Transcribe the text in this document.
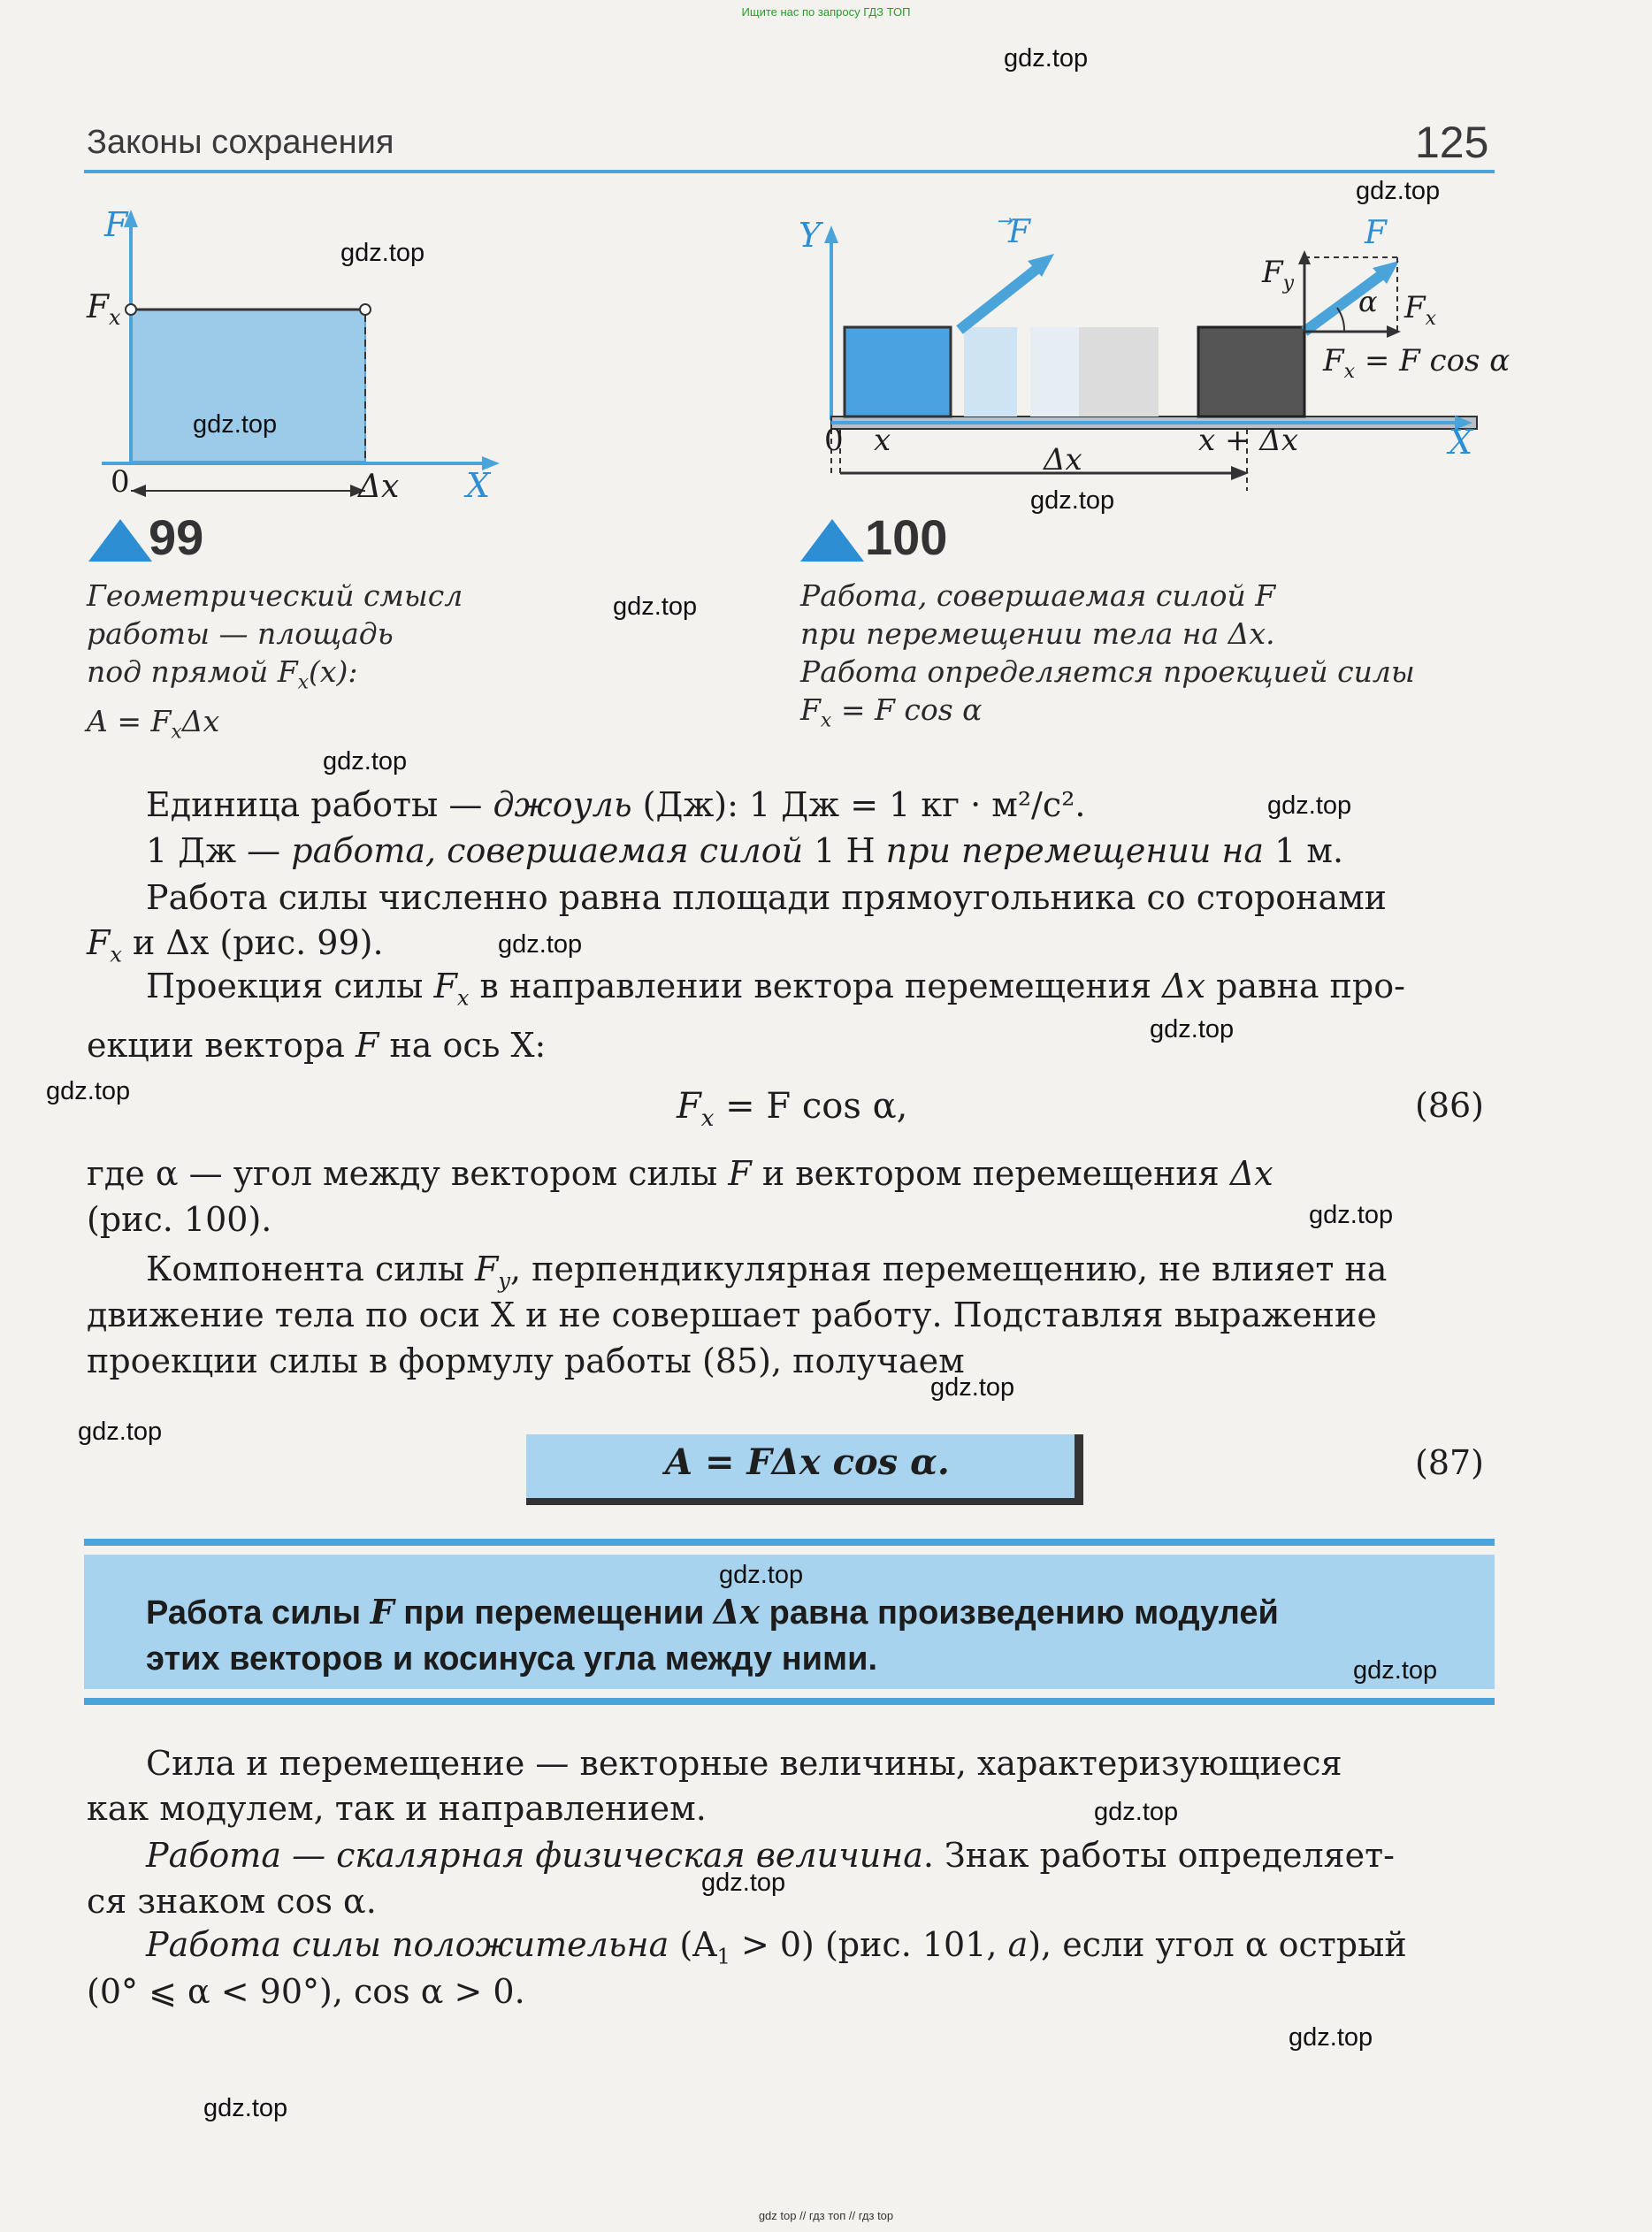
Ищите нас по запросу ГДЗ ТОП
Законы сохранения	125
F
$F_x$
0	Δx X
99
Геометрический смысл
работы — площадь
под прямой $F_x(x)$:
$A = F_x\Delta x$
Y	F	F
$F_y$
α $F_x$
$F_x = F$ cos α
0 x
Δx
x + Δx	X
100
Работа, совершаемая силой F
при перемещении тела на Δx.
Работа определяется проекцией силы
$F_x = F$ cos α
Единица работы — джоуль (Дж): 1 Дж = 1 кг · м²/с².
1 Дж — работа, совершаемая силой 1 Н при перемещении на 1 м.
Работа силы численно равна площади прямоугольника со сторонами
$F_x$ и Δx (рис. 99).
Проекция силы $F_x$ в направлении вектора перемещения Δx равна про-
екции вектора F на ось X:
$F_x = F$ cos α,	(86)
где α — угол между вектором силы F и вектором перемещения Δx
(рис. 100).
Компонента силы $F_y$, перпендикулярная перемещению, не влияет на
движение тела по оси X и не совершает работу. Подставляя выражение
проекции силы в формулу работы (85), получаем
A = FΔx cos α.	(87)
Работа силы F при перемещении Δx равна произведению модулей
этих векторов и косинуса угла между ними.
Сила и перемещение — векторные величины, характеризующиеся
как модулем, так и направлением.
Работа — скалярная физическая величина. Знак работы определяет-
ся знаком cos α.
Работа силы положительна $(A_1 > 0)$ (рис. 101, а), если угол α острый
(0° ⩽ α < 90°), cos α > 0.
gdz.top
gdz.top
gdz.top
gdz.top
gdz.top
gdz.top
gdz.top
gdz.top
gdz.top
gdz.top
gdz.top
gdz.top
gdz.top
gdz.top
gdz.top
gdz.top
gdz.top
gdz.top
gdz.top
gdz.top
gdz top // гдз топ // гдз top
